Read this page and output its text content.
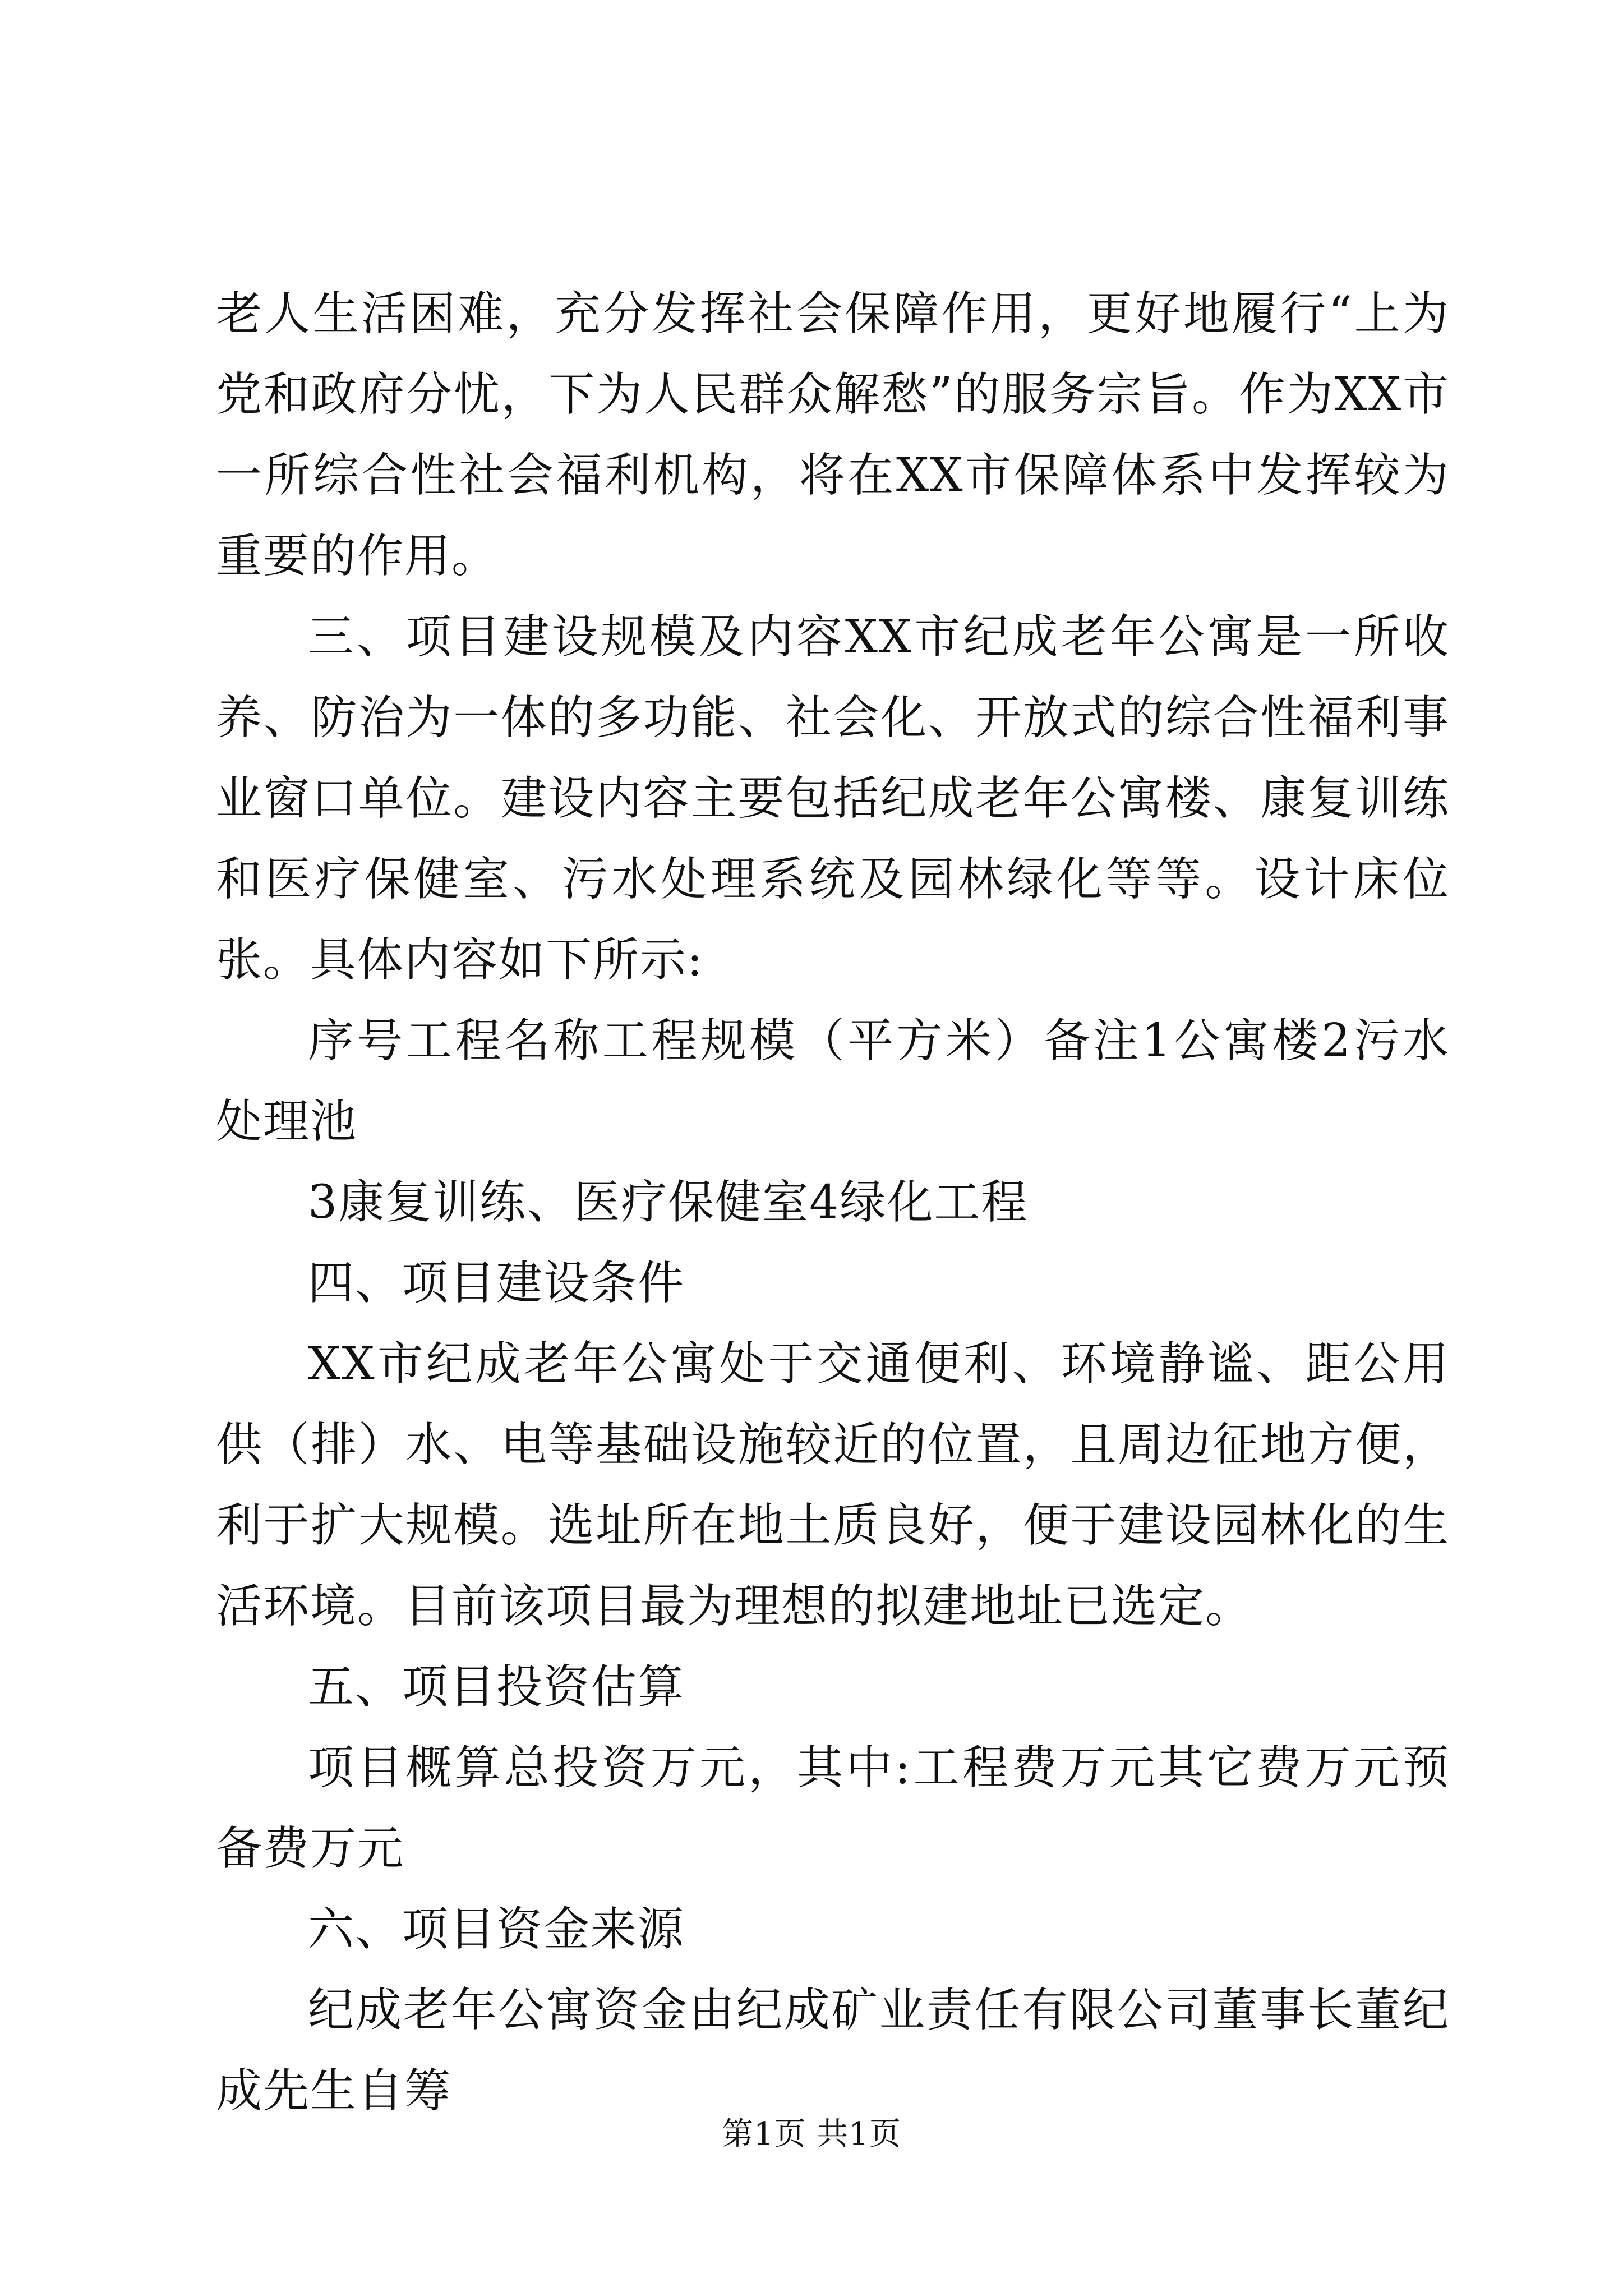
老人生活困难，充分发挥社会保障作用，更好地履行“上为党和政府分忧，下为人民群众解愁”的服务宗旨。作为XX市一所综合性社会福利机构，将在XX市保障体系中发挥较为重要的作用。

三、项目建设规模及内容XX市纪成老年公寓是一所收养、防治为一体的多功能、社会化、开放式的综合性福利事业窗口单位。建设内容主要包括纪成老年公寓楼、康复训练和医疗保健室、污水处理系统及园林绿化等等。设计床位张。具体内容如下所示:

序号工程名称工程规模（平方米）备注1公寓楼2污水处理池

3康复训练、医疗保健室4绿化工程

四、项目建设条件

XX市纪成老年公寓处于交通便利、环境静谧、距公用供（排）水、电等基础设施较近的位置，且周边征地方便，利于扩大规模。选址所在地土质良好，便于建设园林化的生活环境。目前该项目最为理想的拟建地址已选定。

五、项目投资估算

项目概算总投资万元，其中:工程费万元其它费万元预备费万元

六、项目资金来源

纪成老年公寓资金由纪成矿业责任有限公司董事长董纪成先生自筹

第1页 共1页
